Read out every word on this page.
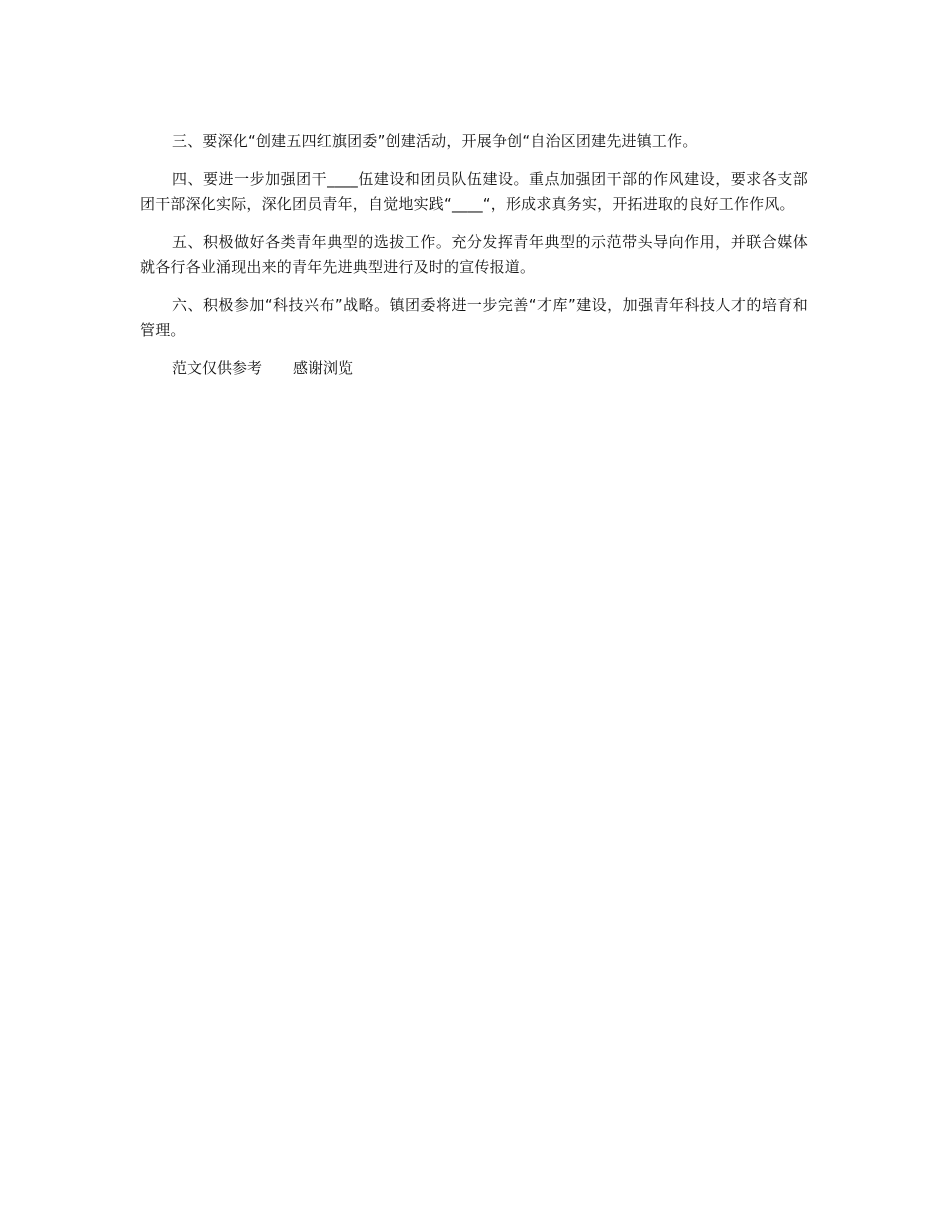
三、要深化“创建五四红旗团委”创建活动，开展争创“自治区团建先进镇工作。

四、要进一步加强团干____伍建设和团员队伍建设。重点加强团干部的作风建设，要求各支部团干部深化实际，深化团员青年，自觉地实践“____“，形成求真务实，开拓进取的良好工作作风。

五、积极做好各类青年典型的选拔工作。充分发挥青年典型的示范带头导向作用，并联合媒体就各行各业涌现出来的青年先进典型进行及时的宣传报道。

六、积极参加“科技兴布”战略。镇团委将进一步完善“才库”建设，加强青年科技人才的培育和管理。

范文仅供参考 感谢浏览
